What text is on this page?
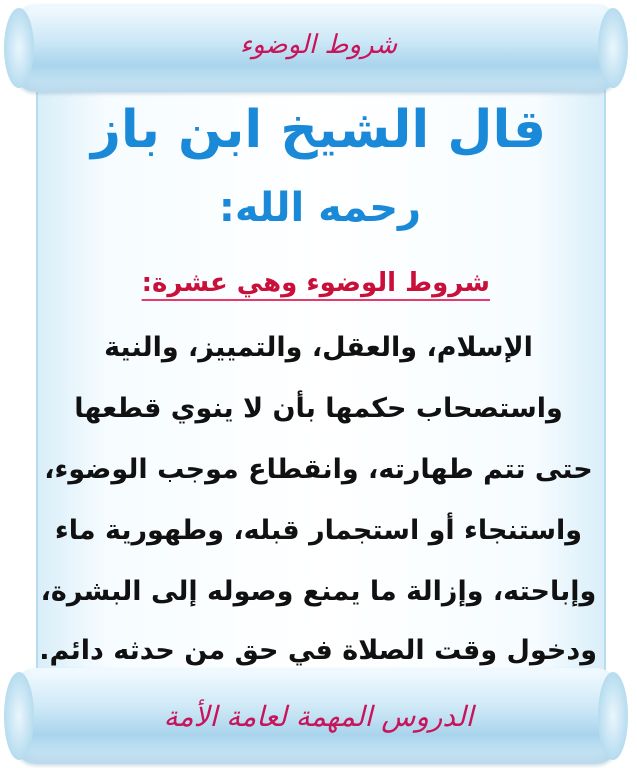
شروط الوضوء
قال الشيخ ابن باز
رحمه الله:
شروط الوضوء وهي عشرة:
الإسلام، والعقل، والتمييز، والنية
واستصحاب حكمها بأن لا ينوي قطعها
حتى تتم طهارته، وانقطاع موجب الوضوء،
واستنجاء أو استجمار قبله، وطهورية ماء
وإباحته، وإزالة ما يمنع وصوله إلى البشرة،
ودخول وقت الصلاة في حق من حدثه دائم.
الدروس المهمة لعامة الأمة
